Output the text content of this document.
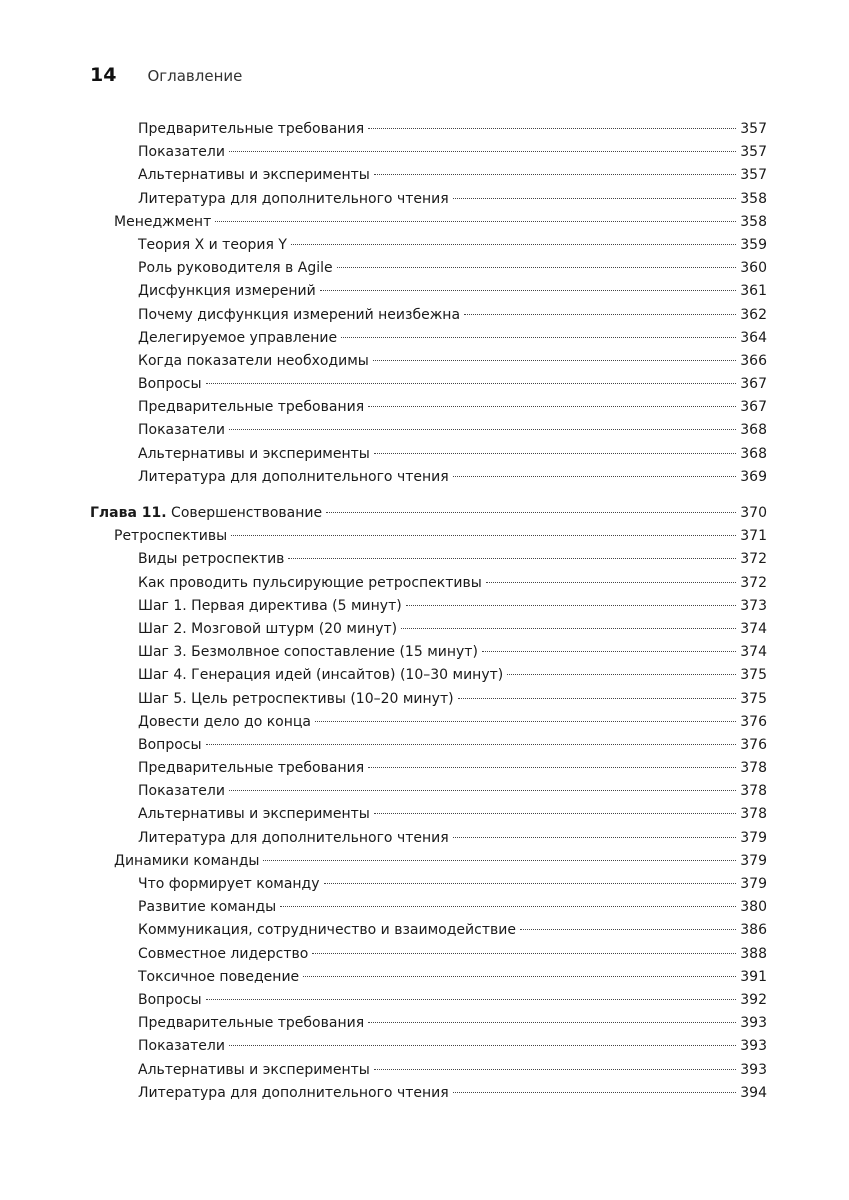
14 Оглавление
Предварительные требования	357
Показатели	357
Альтернативы и эксперименты	357
Литература для дополнительного чтения	358
Менеджмент	358
Теория X и теория Y	359
Роль руководителя в Agile	360
Дисфункция измерений	361
Почему дисфункция измерений неизбежна	362
Делегируемое управление	364
Когда показатели необходимы	366
Вопросы	367
Предварительные требования	367
Показатели	368
Альтернативы и эксперименты	368
Литература для дополнительного чтения	369
Глава 11. Совершенствование	370
Ретроспективы	371
Виды ретроспектив	372
Как проводить пульсирующие ретроспективы	372
Шаг 1. Первая директива (5 минут)	373
Шаг 2. Мозговой штурм (20 минут)	374
Шаг 3. Безмолвное сопоставление (15 минут)	374
Шаг 4. Генерация идей (инсайтов) (10–30 минут)	375
Шаг 5. Цель ретроспективы (10–20 минут)	375
Довести дело до конца	376
Вопросы	376
Предварительные требования	378
Показатели	378
Альтернативы и эксперименты	378
Литература для дополнительного чтения	379
Динамики команды	379
Что формирует команду	379
Развитие команды	380
Коммуникация, сотрудничество и взаимодействие	386
Совместное лидерство	388
Токсичное поведение	391
Вопросы	392
Предварительные требования	393
Показатели	393
Альтернативы и эксперименты	393
Литература для дополнительного чтения	394
